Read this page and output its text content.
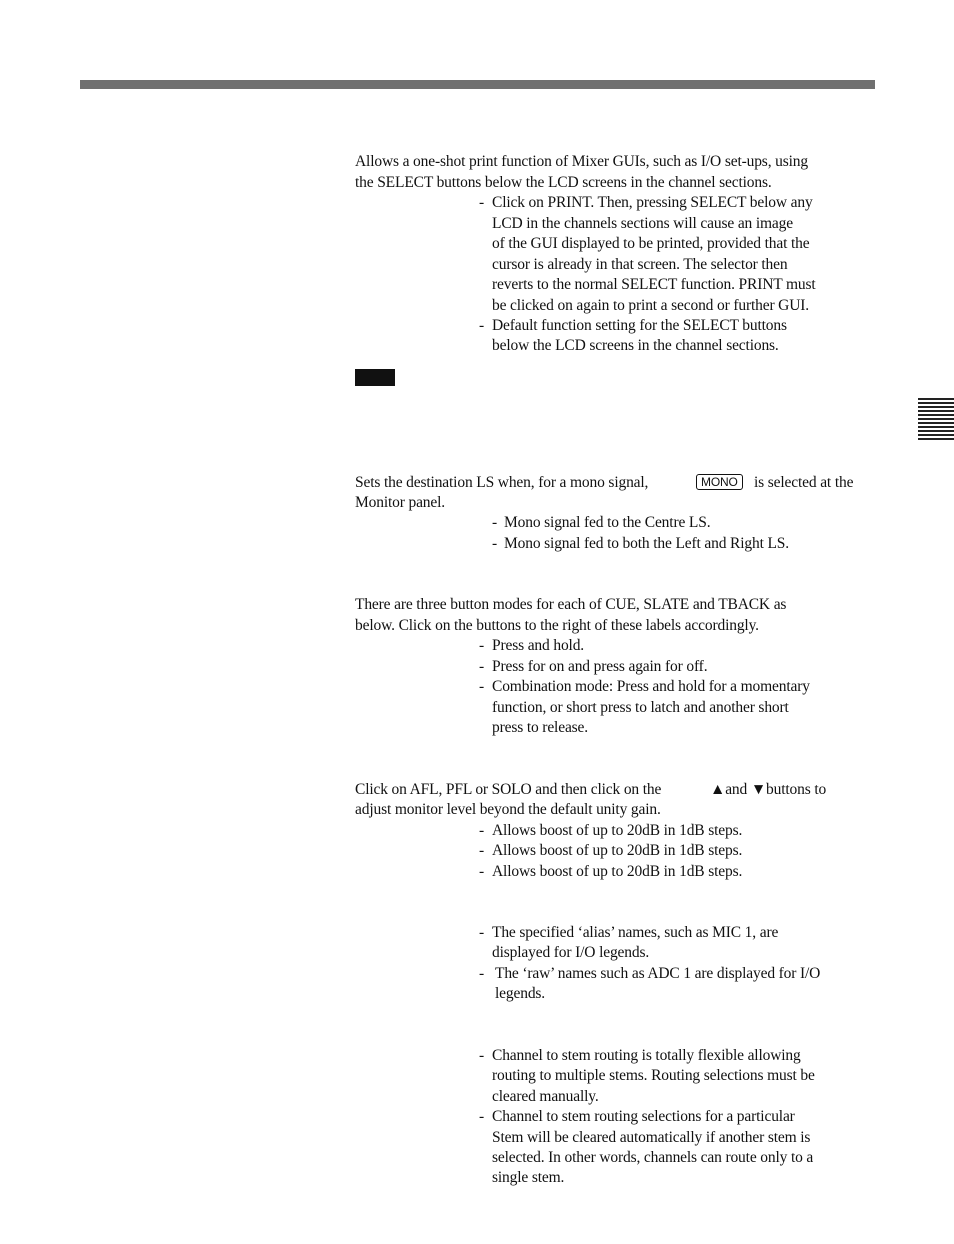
Allows a one-shot print function of Mixer GUIs, such as I/O set-ups, using
the SELECT buttons below the LCD screens in the channel sections.
- Click on PRINT. Then, pressing SELECT below any
LCD in the channels sections will cause an image
of the GUI displayed to be printed, provided that the
cursor is already in that screen. The selector then
reverts to the normal SELECT function. PRINT must
be clicked on again to print a second or further GUI.
- Default function setting for the SELECT buttons
below the LCD screens in the channel sections.
Sets the destination LS when, for a mono signal,	MONO	is selected at the
Monitor panel.
- Mono signal fed to the Centre LS.
- Mono signal fed to both the Left and Right LS.
There are three button modes for each of CUE, SLATE and TBACK as
below. Click on the buttons to the right of these labels accordingly.
- Press and hold.
- Press for on and press again for off.
- Combination mode: Press and hold for a momentary
function, or short press to latch and another short
press to release.
Click on AFL, PFL or SOLO and then click on the	▲and ▼buttons to
adjust monitor level beyond the default unity gain.
- Allows boost of up to 20dB in 1dB steps.
- Allows boost of up to 20dB in 1dB steps.
- Allows boost of up to 20dB in 1dB steps.
- The specified ‘alias’ names, such as MIC 1, are
displayed for I/O legends.
- The ‘raw’ names such as ADC 1 are displayed for I/O
legends.
- Channel to stem routing is totally flexible allowing
routing to multiple stems. Routing selections must be
cleared manually.
- Channel to stem routing selections for a particular
Stem will be cleared automatically if another stem is
selected. In other words, channels can route only to a
single stem.
